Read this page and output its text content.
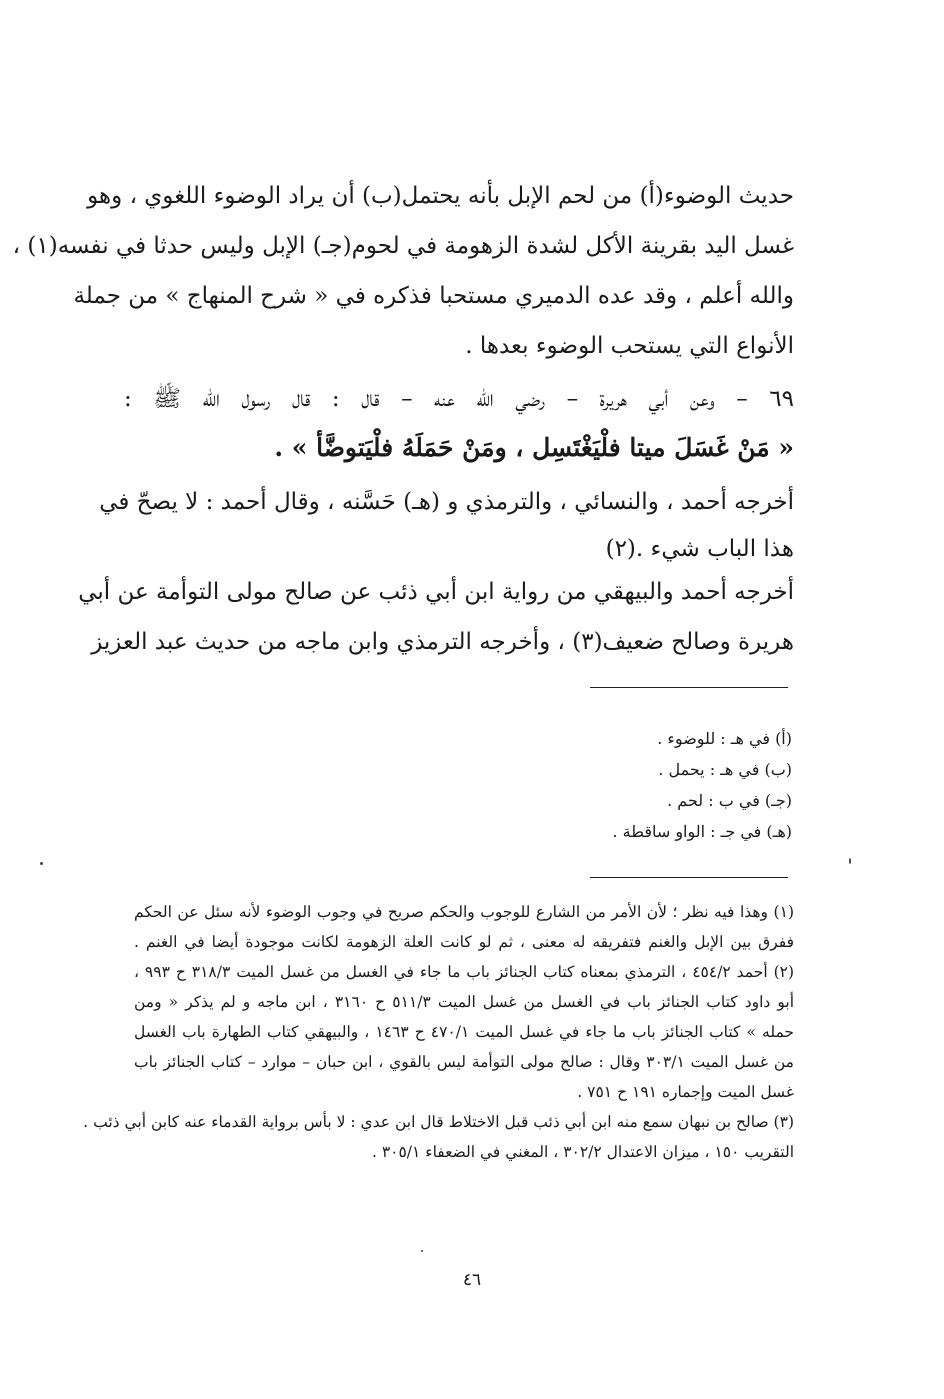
حديث الوضوء(أ) من لحم الإبل بأنه يحتمل(ب) أن يراد الوضوء اللغوي ، وهو
غسل اليد بقرينة الأكل لشدة الزهومة في لحوم(جـ) الإبل وليس حدثا في نفسه(١) ،
والله أعلم ، وقد عده الدميري مستحبا فذكره في « شرح المنهاج » من جملة
الأنواع التي يستحب الوضوء بعدها .
٦٩ – وعن أبي هريرة – رضي الله عنه – قال : قال رسول الله ﷺ :
« مَنْ غَسَلَ ميتا فلْيَغْتَسِل ، ومَنْ حَمَلَهُ فلْيَتوضَّأ » .
أخرجه أحمد ، والنسائي ، والترمذي و (هـ) حَسَّنه ، وقال أحمد : لا يصحّ في
هذا الباب شيء .(٢)
أخرجه أحمد والبيهقي من رواية ابن أبي ذئب عن صالح مولى التوأمة عن أبي
هريرة وصالح ضعيف(٣) ، وأخرجه الترمذي وابن ماجه من حديث عبد العزيز
(أ) في هـ : للوضوء .
(ب) في هـ : يحمل .
(جـ) في ب : لحم .
(هـ) في جـ : الواو ساقطة .
(١) وهذا فيه نظر ؛ لأن الأمر من الشارع للوجوب والحكم صريح في وجوب الوضوء لأنه سئل عن الحكم
ففرق بين الإبل والغنم فتفريقه له معنى ، ثم لو كانت العلة الزهومة لكانت موجودة أيضا في الغنم .
(٢) أحمد ٤٥٤/٢ ، الترمذي بمعناه كتاب الجنائز باب ما جاء في الغسل من غسل الميت ٣١٨/٣ ح ٩٩٣ ،
أبو داود كتاب الجنائز باب في الغسل من غسل الميت ٥١١/٣ ح ٣١٦٠ ، ابن ماجه و لم يذكر « ومن
حمله » كتاب الجنائز باب ما جاء في غسل الميت ٤٧٠/١ ح ١٤٦٣ ، والبيهقي كتاب الطهارة باب الغسل
من غسل الميت ٣٠٣/١ وقال : صالح مولى التوأمة ليس بالقوي ، ابن حبان – موارد – كتاب الجنائز باب
غسل الميت وإجماره ١٩١ ح ٧٥١ .
(٣) صالح بن نبهان سمع منه ابن أبي ذئب قبل الاختلاط قال ابن عدي : لا بأس برواية القدماء عنه كابن أبي ذئب .
التقريب ١٥٠ ، ميزان الاعتدال ٣٠٢/٢ ، المغني في الضعفاء ٣٠٥/١ .
٤٦
